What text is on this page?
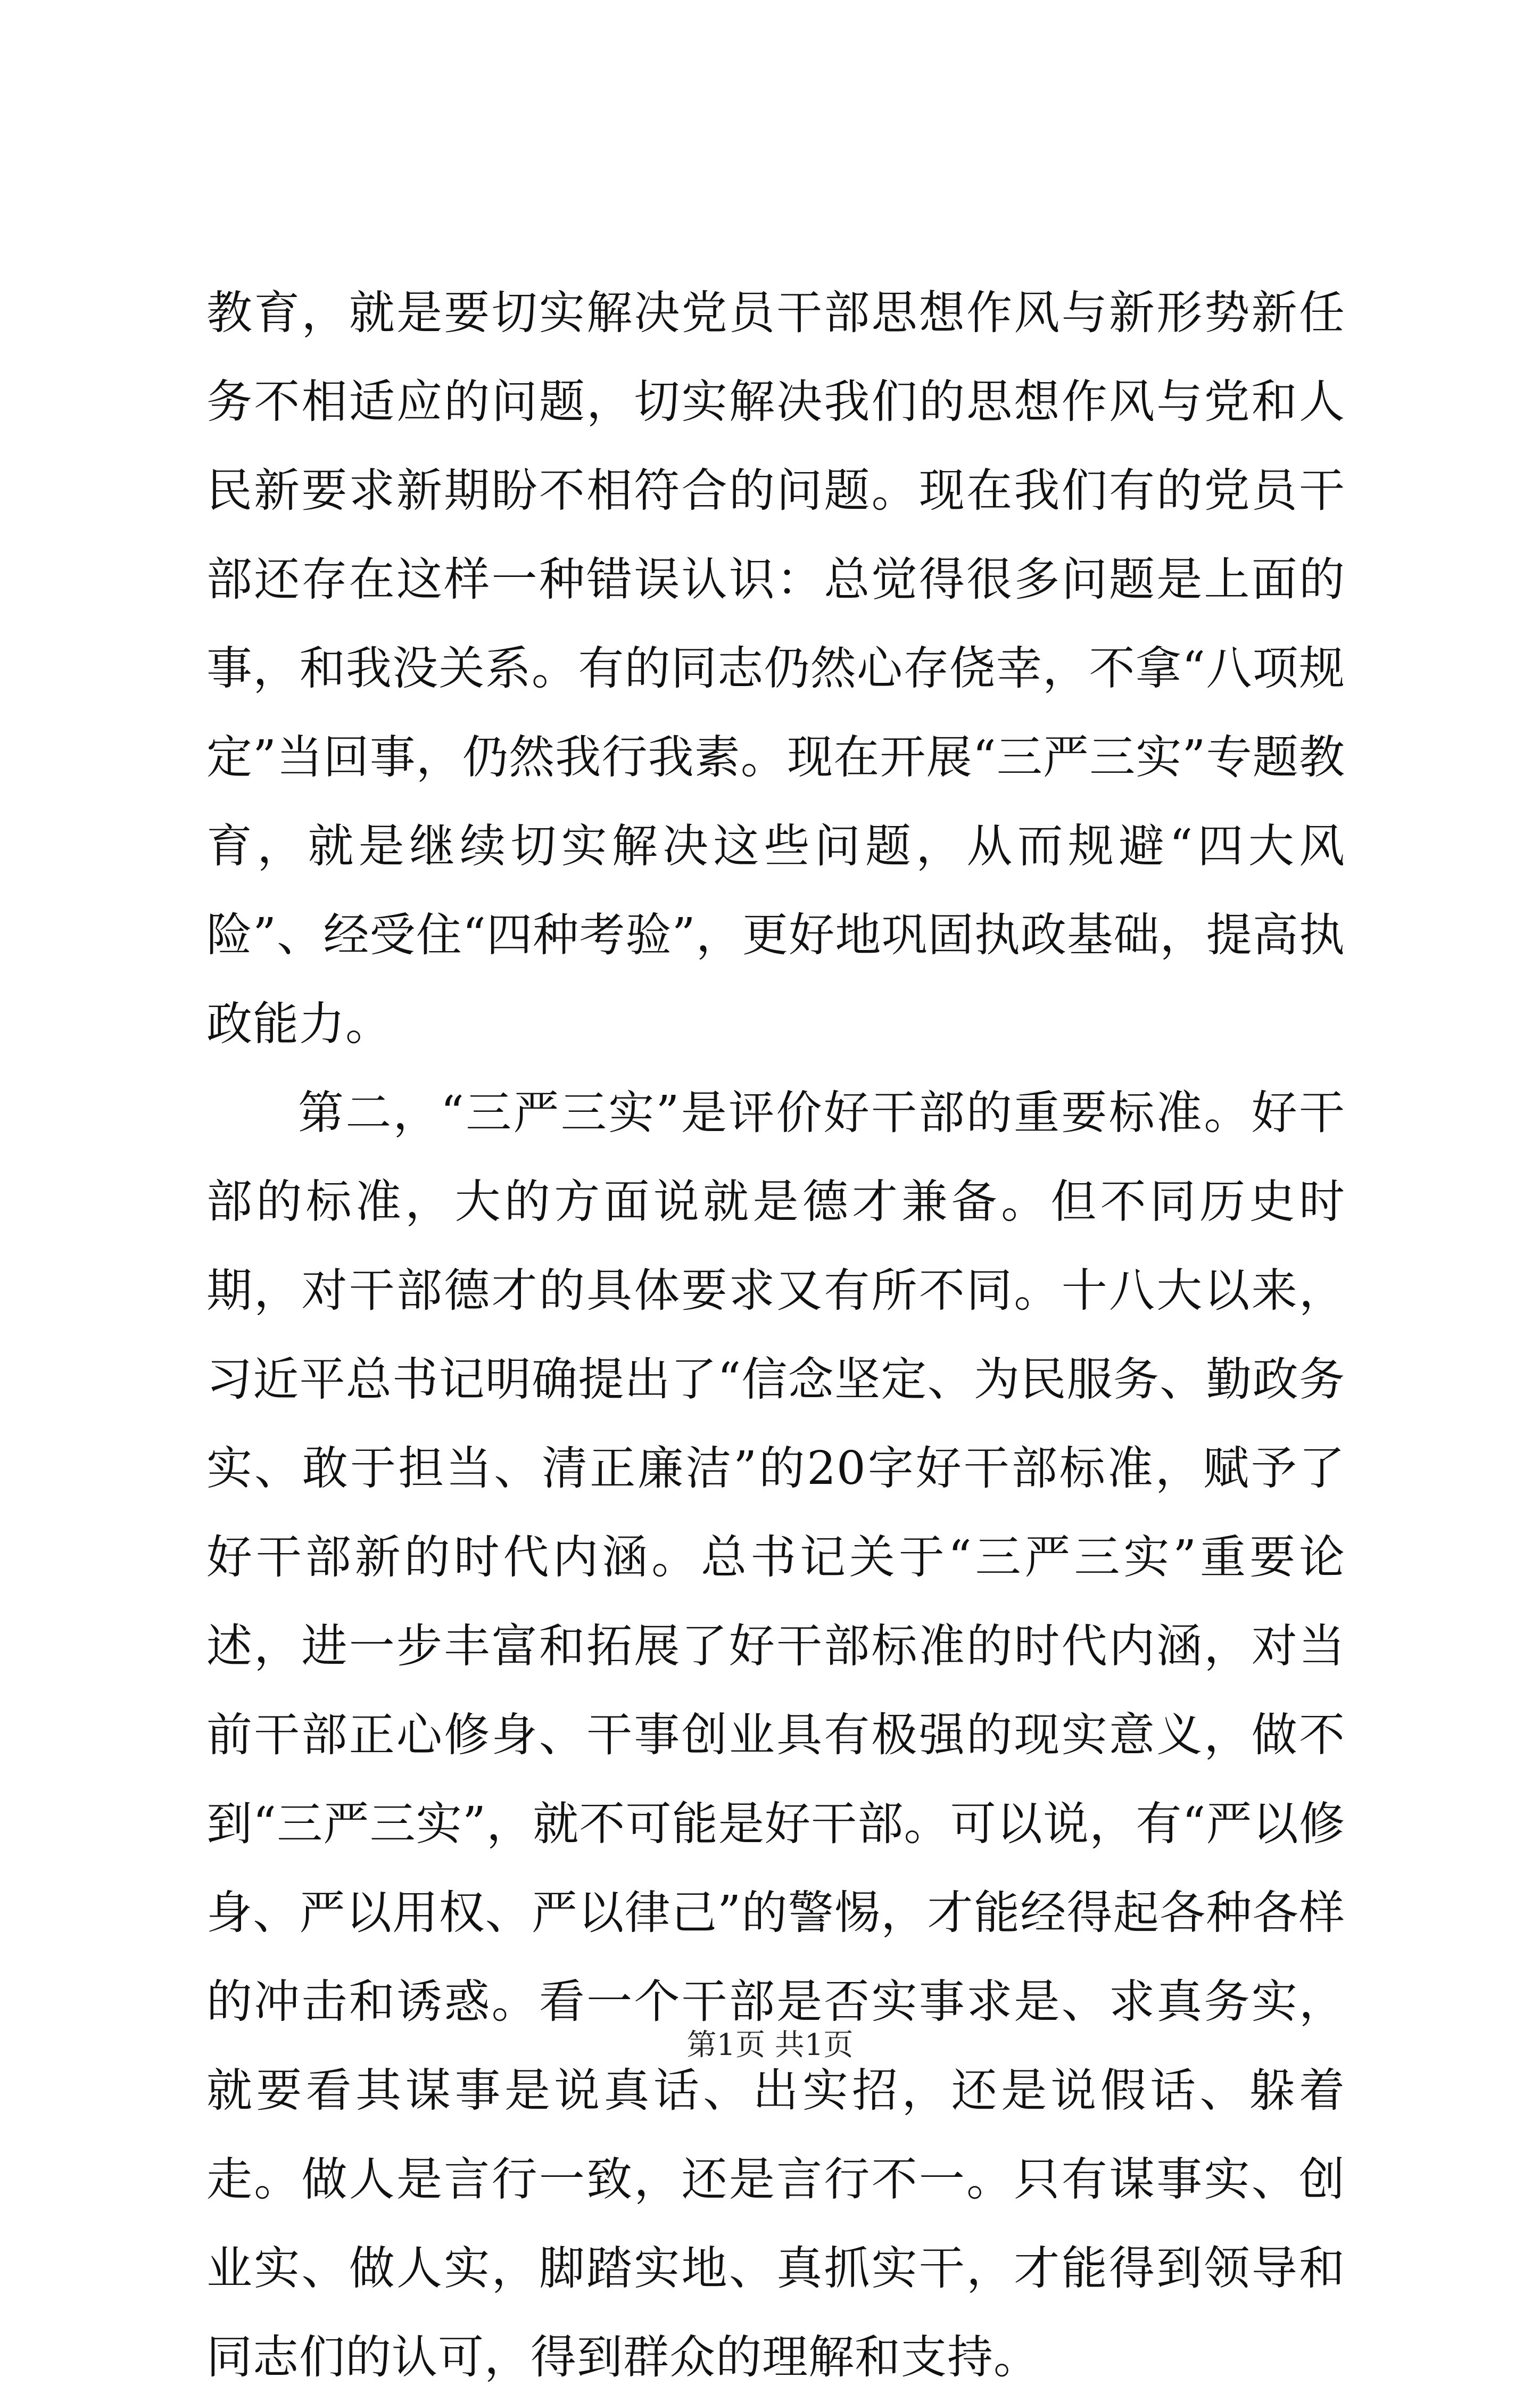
教育，就是要切实解决党员干部思想作风与新形势新任务不相适应的问题，切实解决我们的思想作风与党和人民新要求新期盼不相符合的问题。现在我们有的党员干部还存在这样一种错误认识：总觉得很多问题是上面的事，和我没关系。有的同志仍然心存侥幸，不拿“八项规定”当回事，仍然我行我素。现在开展“三严三实”专题教育，就是继续切实解决这些问题，从而规避“四大风险”、经受住“四种考验”，更好地巩固执政基础，提高执政能力。

第二，“三严三实”是评价好干部的重要标准。好干部的标准，大的方面说就是德才兼备。但不同历史时期，对干部德才的具体要求又有所不同。十八大以来，习近平总书记明确提出了“信念坚定、为民服务、勤政务实、敢于担当、清正廉洁”的20字好干部标准，赋予了好干部新的时代内涵。总书记关于“三严三实”重要论述，进一步丰富和拓展了好干部标准的时代内涵，对当前干部正心修身、干事创业具有极强的现实意义，做不到“三严三实”，就不可能是好干部。可以说，有“严以修身、严以用权、严以律己”的警惕，才能经得起各种各样的冲击和诱惑。看一个干部是否实事求是、求真务实，就要看其谋事是说真话、出实招，还是说假话、躲着走。做人是言行一致，还是言行不一。只有谋事实、创业实、做人实，脚踏实地、真抓实干，才能得到领导和同志们的认可，得到群众的理解和支持。

第1页 共1页
